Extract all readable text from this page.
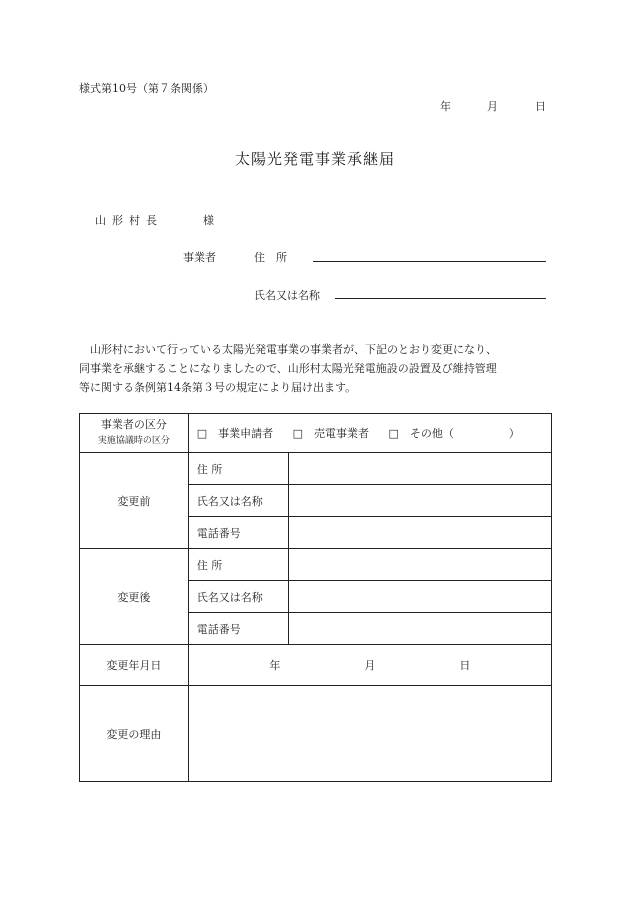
様式第10号（第７条関係）
年	月	日
太陽光発電事業承継届
山形村長	様
事業者	住　所
氏名又は名称
　山形村において行っている太陽光発電事業の事業者が、下記のとおり変更になり、
同事業を承継することになりましたので、山形村太陽光発電施設の設置及び維持管理
等に関する条例第14条第３号の規定により届け出ます。
事業者の区分
実施協議時の区分	□　事業申請者 □　売電事業者 □　その他（　　　　　）	
変更前	住 所	
	氏名又は名称	
	電話番号	
変更後	住 所	
	氏名又は名称	
	電話番号	
変更年月日	年 月 日	
変更の理由		
